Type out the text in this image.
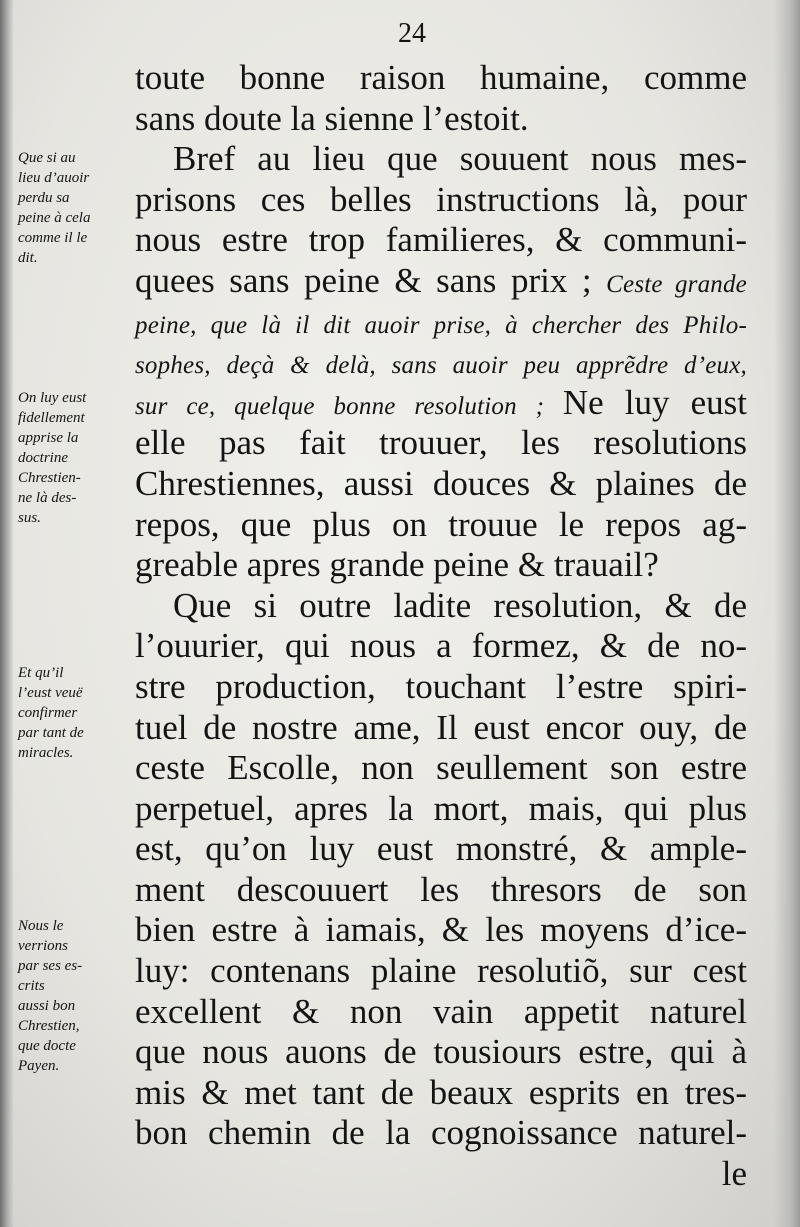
24
toute bonne raison humaine, comme
sans doute la sienne l’estoit.
Bref au lieu que souuent nous mes-
prisons ces belles instructions là, pour
nous estre trop familieres, & communi-
quees sans peine & sans prix ; Ceste grande
peine, que là il dit auoir prise, à chercher des Philo-
sophes, deçà & delà, sans auoir peu apprẽdre d’eux,
sur ce, quelque bonne resolution ; Ne luy eust
elle pas fait trouuer, les resolutions
Chrestiennes, aussi douces & plaines de
repos, que plus on trouue le repos ag-
greable apres grande peine & trauail?
Que si outre ladite resolution, & de
l’ouurier, qui nous a formez, & de no-
stre production, touchant l’estre spiri-
tuel de nostre ame, Il eust encor ouy, de
ceste Escolle, non seullement son estre
perpetuel, apres la mort, mais, qui plus
est, qu’on luy eust monstré, & ample-
ment descouuert les thresors de son
bien estre à iamais, & les moyens d’ice-
luy: contenans plaine resolutiõ, sur cest
excellent & non vain appetit naturel
que nous auons de tousiours estre, qui à
mis & met tant de beaux esprits en tres-
bon chemin de la cognoissance naturel-
le
Que si au
lieu d’auoir
perdu sa
peine à cela
comme il le
dit.
On luy eust
fidellement
apprise la
doctrine
Chrestien-
ne là des-
sus.
Et qu’il
l’eust veuë
confirmer
par tant de
miracles.
Nous le
verrions
par ses es-
crits
aussi bon
Chrestien,
que docte
Payen.
